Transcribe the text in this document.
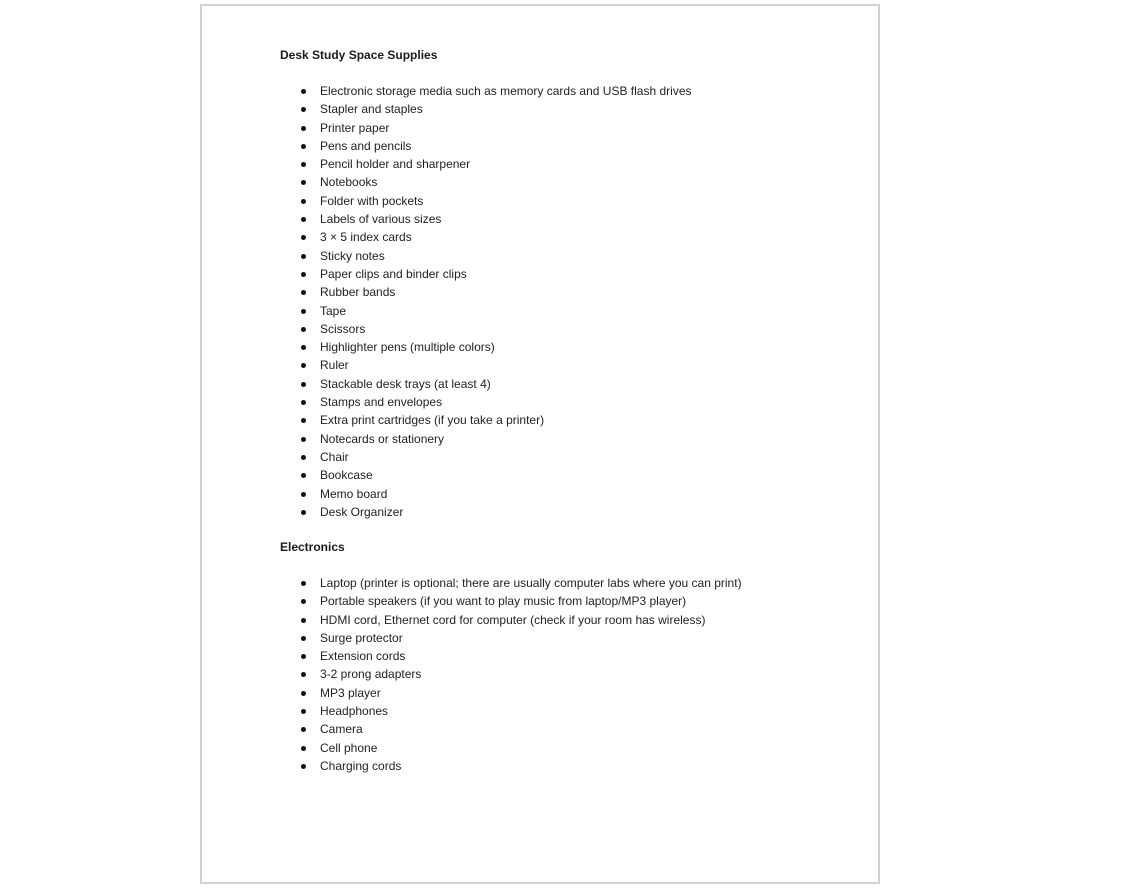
Desk Study Space Supplies
Electronic storage media such as memory cards and USB flash drives
Stapler and staples
Printer paper
Pens and pencils
Pencil holder and sharpener
Notebooks
Folder with pockets
Labels of various sizes
3 × 5 index cards
Sticky notes
Paper clips and binder clips
Rubber bands
Tape
Scissors
Highlighter pens (multiple colors)
Ruler
Stackable desk trays (at least 4)
Stamps and envelopes
Extra print cartridges (if you take a printer)
Notecards or stationery
Chair
Bookcase
Memo board
Desk Organizer
Electronics
Laptop (printer is optional; there are usually computer labs where you can print)
Portable speakers (if you want to play music from laptop/MP3 player)
HDMI cord, Ethernet cord for computer (check if your room has wireless)
Surge protector
Extension cords
3-2 prong adapters
MP3 player
Headphones
Camera
Cell phone
Charging cords
